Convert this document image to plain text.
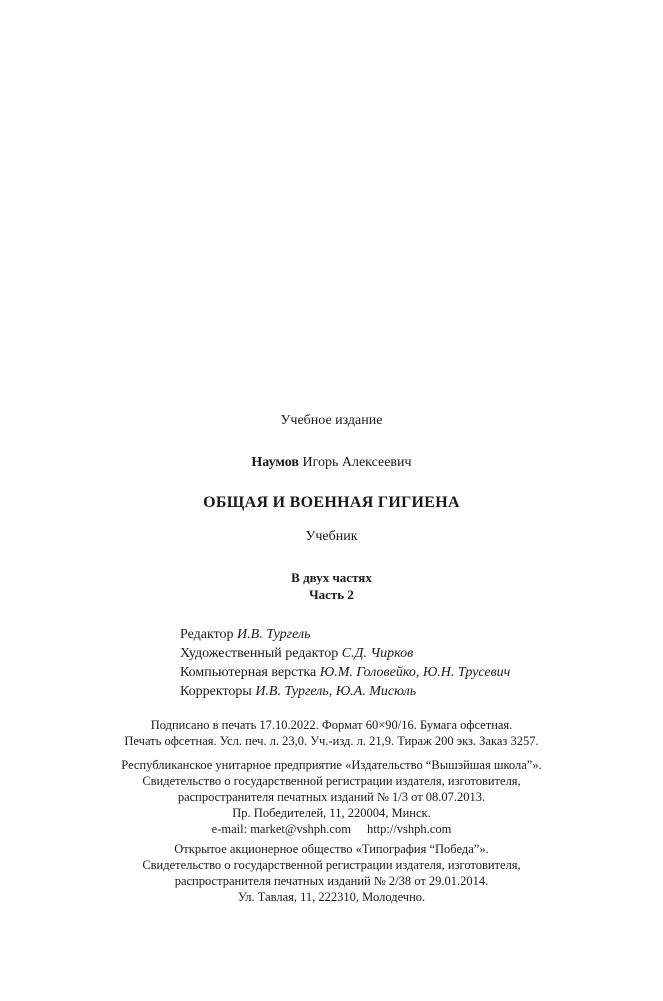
Учебное издание
Наумов Игорь Алексеевич
ОБЩАЯ И ВОЕННАЯ ГИГИЕНА
Учебник
В двух частях
Часть 2
Редактор И.В. Тургель
Художественный редактор С.Д. Чирков
Компьютерная верстка Ю.М. Головейко, Ю.Н. Трусевич
Корректоры И.В. Тургель, Ю.А. Мисюль
Подписано в печать 17.10.2022. Формат 60×90/16. Бумага офсетная.
Печать офсетная. Усл. печ. л. 23,0. Уч.-изд. л. 21,9. Тираж 200 экз. Заказ 3257.
Республиканское унитарное предприятие «Издательство “Вышэйшая школа”».
Свидетельство о государственной регистрации издателя, изготовителя,
распространителя печатных изданий № 1/3 от 08.07.2013.
Пр. Победителей, 11, 220004, Минск.
e-mail: market@vshph.com http://vshph.com
Открытое акционерное общество «Типография “Победа”».
Свидетельство о государственной регистрации издателя, изготовителя,
распространителя печатных изданий № 2/38 от 29.01.2014.
Ул. Тавлая, 11, 222310, Молодечно.
